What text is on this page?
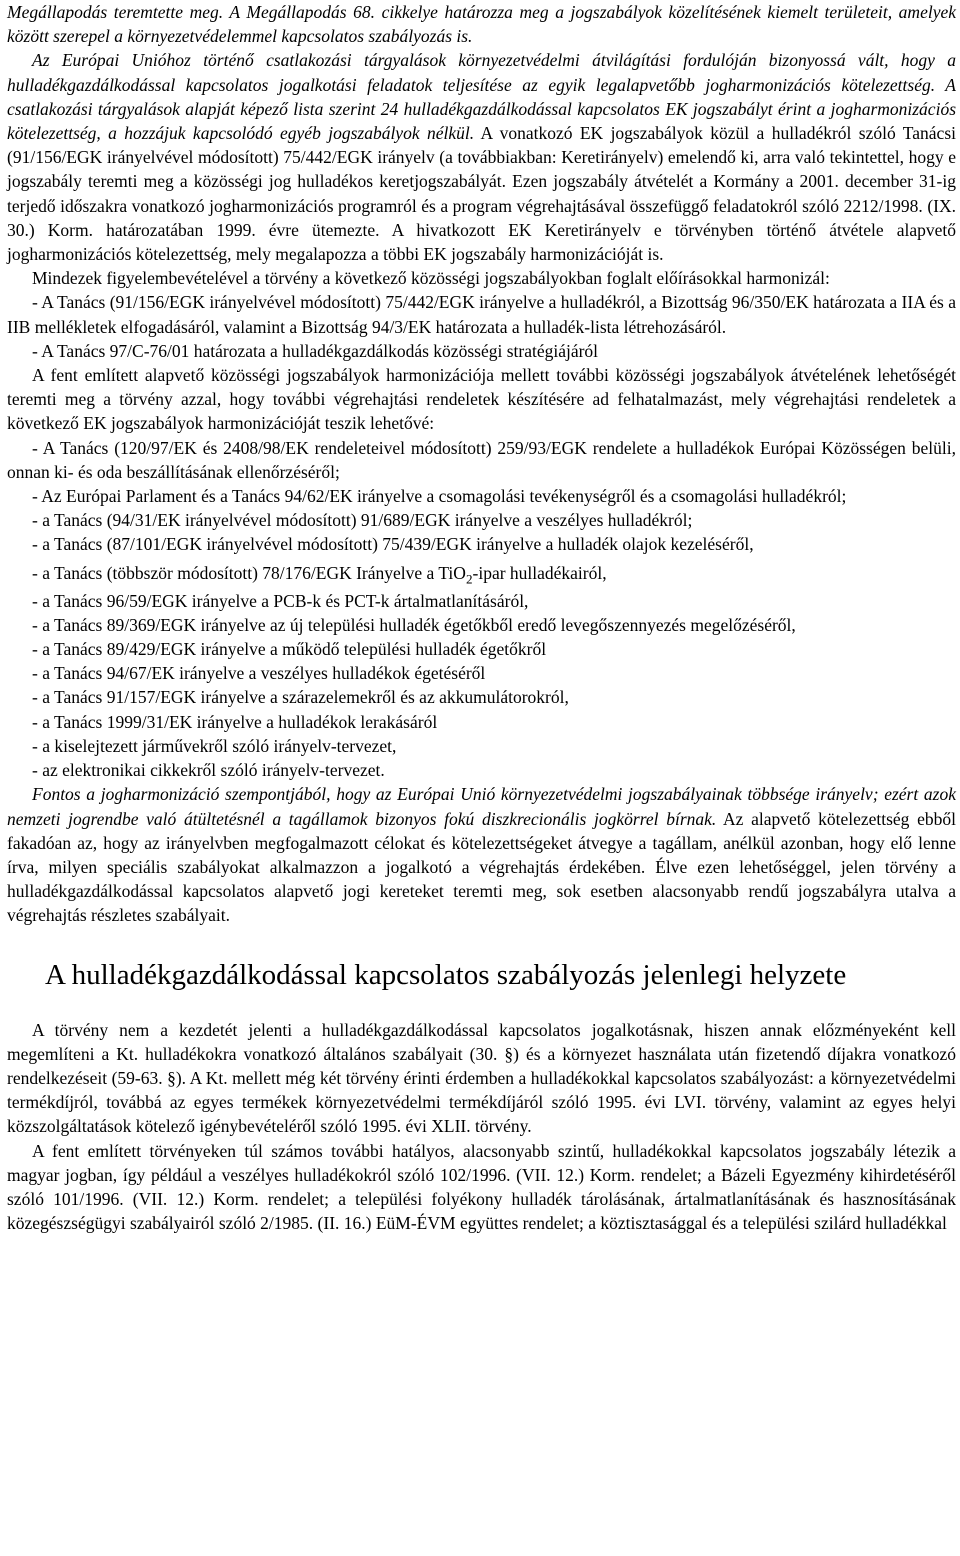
Megállapodás teremtette meg. A Megállapodás 68. cikkelye határozza meg a jogszabályok közelítésének kiemelt területeit, amelyek között szerepel a környezetvédelemmel kapcsolatos szabályozás is.

Az Európai Unióhoz történő csatlakozási tárgyalások környezetvédelmi átvilágítási fordulóján bizonyossá vált, hogy a hulladékgazdálkodással kapcsolatos jogalkotási feladatok teljesítése az egyik legalapvetőbb jogharmonizációs kötelezettség. A csatlakozási tárgyalások alapját képező lista szerint 24 hulladékgazdálkodással kapcsolatos EK jogszabályt érint a jogharmonizációs kötelezettség, a hozzájuk kapcsolódó egyéb jogszabályok nélkül. A vonatkozó EK jogszabályok közül a hulladékról szóló Tanácsi (91/156/EGK irányelvével módosított) 75/442/EGK irányelv (a továbbiakban: Keretirányelv) emelendő ki, arra való tekintettel, hogy e jogszabály teremti meg a közösségi jog hulladékos keretjogszabályát. Ezen jogszabály átvételét a Kormány a 2001. december 31-ig terjedő időszakra vonatkozó jogharmonizációs programról és a program végrehajtásával összefüggő feladatokról szóló 2212/1998. (IX. 30.) Korm. határozatában 1999. évre ütemezte. A hivatkozott EK Keretirányelv e törvényben történő átvétele alapvető jogharmonizációs kötelezettség, mely megalapozza a többi EK jogszabály harmonizációját is.

Mindezek figyelembevételével a törvény a következő közösségi jogszabályokban foglalt előírásokkal harmonizál:

- A Tanács (91/156/EGK irányelvével módosított) 75/442/EGK irányelve a hulladékról, a Bizottság 96/350/EK határozata a IIA és a IIB mellékletek elfogadásáról, valamint a Bizottság 94/3/EK határozata a hulladék-lista létrehozásáról.

- A Tanács 97/C-76/01 határozata a hulladékgazdálkodás közösségi stratégiájáról

A fent említett alapvető közösségi jogszabályok harmonizációja mellett további közösségi jogszabályok átvételének lehetőségét teremti meg a törvény azzal, hogy további végrehajtási rendeletek készítésére ad felhatalmazást, mely végrehajtási rendeletek a következő EK jogszabályok harmonizációját teszik lehetővé:

- A Tanács (120/97/EK és 2408/98/EK rendeleteivel módosított) 259/93/EGK rendelete a hulladékok Európai Közösségen belüli, onnan ki- és oda beszállításának ellenőrzéséről;

- Az Európai Parlament és a Tanács 94/62/EK irányelve a csomagolási tevékenységről és a csomagolási hulladékról;

- a Tanács (94/31/EK irányelvével módosított) 91/689/EGK irányelve a veszélyes hulladékról;

- a Tanács (87/101/EGK irányelvével módosított) 75/439/EGK irányelve a hulladék olajok kezeléséről,

- a Tanács (többször módosított) 78/176/EGK Irányelve a TiO$_2$-ipar hulladékairól,

- a Tanács 96/59/EGK irányelve a PCB-k és PCT-k ártalmatlanításáról,

- a Tanács 89/369/EGK irányelve az új települési hulladék égetőkből eredő levegőszennyezés megelőzéséről,

- a Tanács 89/429/EGK irányelve a működő települési hulladék égetőkről

- a Tanács 94/67/EK irányelve a veszélyes hulladékok égetéséről

- a Tanács 91/157/EGK irányelve a szárazelemekről és az akkumulátorokról,

- a Tanács 1999/31/EK irányelve a hulladékok lerakásáról

- a kiselejtezett járművekről szóló irányelv-tervezet,

- az elektronikai cikkekről szóló irányelv-tervezet.

Fontos a jogharmonizáció szempontjából, hogy az Európai Unió környezetvédelmi jogszabályainak többsége irányelv; ezért azok nemzeti jogrendbe való átültetésnél a tagállamok bizonyos fokú diszkrecionális jogkörrel bírnak. Az alapvető kötelezettség ebből fakadóan az, hogy az irányelvben megfogalmazott célokat és kötelezettségeket átvegye a tagállam, anélkül azonban, hogy elő lenne írva, milyen speciális szabályokat alkalmazzon a jogalkotó a végrehajtás érdekében. Élve ezen lehetőséggel, jelen törvény a hulladékgazdálkodással kapcsolatos alapvető jogi kereteket teremti meg, sok esetben alacsonyabb rendű jogszabályra utalva a végrehajtás részletes szabályait.

A hulladékgazdálkodással kapcsolatos szabályozás jelenlegi helyzete

A törvény nem a kezdetét jelenti a hulladékgazdálkodással kapcsolatos jogalkotásnak, hiszen annak előzményeként kell megemlíteni a Kt. hulladékokra vonatkozó általános szabályait (30. §) és a környezet használata után fizetendő díjakra vonatkozó rendelkezéseit (59-63. §). A Kt. mellett még két törvény érinti érdemben a hulladékokkal kapcsolatos szabályozást: a környezetvédelmi termékdíjról, továbbá az egyes termékek környezetvédelmi termékdíjáról szóló 1995. évi LVI. törvény, valamint az egyes helyi közszolgáltatások kötelező igénybevételéről szóló 1995. évi XLII. törvény.

A fent említett törvényeken túl számos további hatályos, alacsonyabb szintű, hulladékokkal kapcsolatos jogszabály létezik a magyar jogban, így például a veszélyes hulladékokról szóló 102/1996. (VII. 12.) Korm. rendelet; a Bázeli Egyezmény kihirdetéséről szóló 101/1996. (VII. 12.) Korm. rendelet; a települési folyékony hulladék tárolásának, ártalmatlanításának és hasznosításának közegészségügyi szabályairól szóló 2/1985. (II. 16.) EüM-ÉVM együttes rendelet; a köztisztasággal és a települési szilárd hulladékkal
